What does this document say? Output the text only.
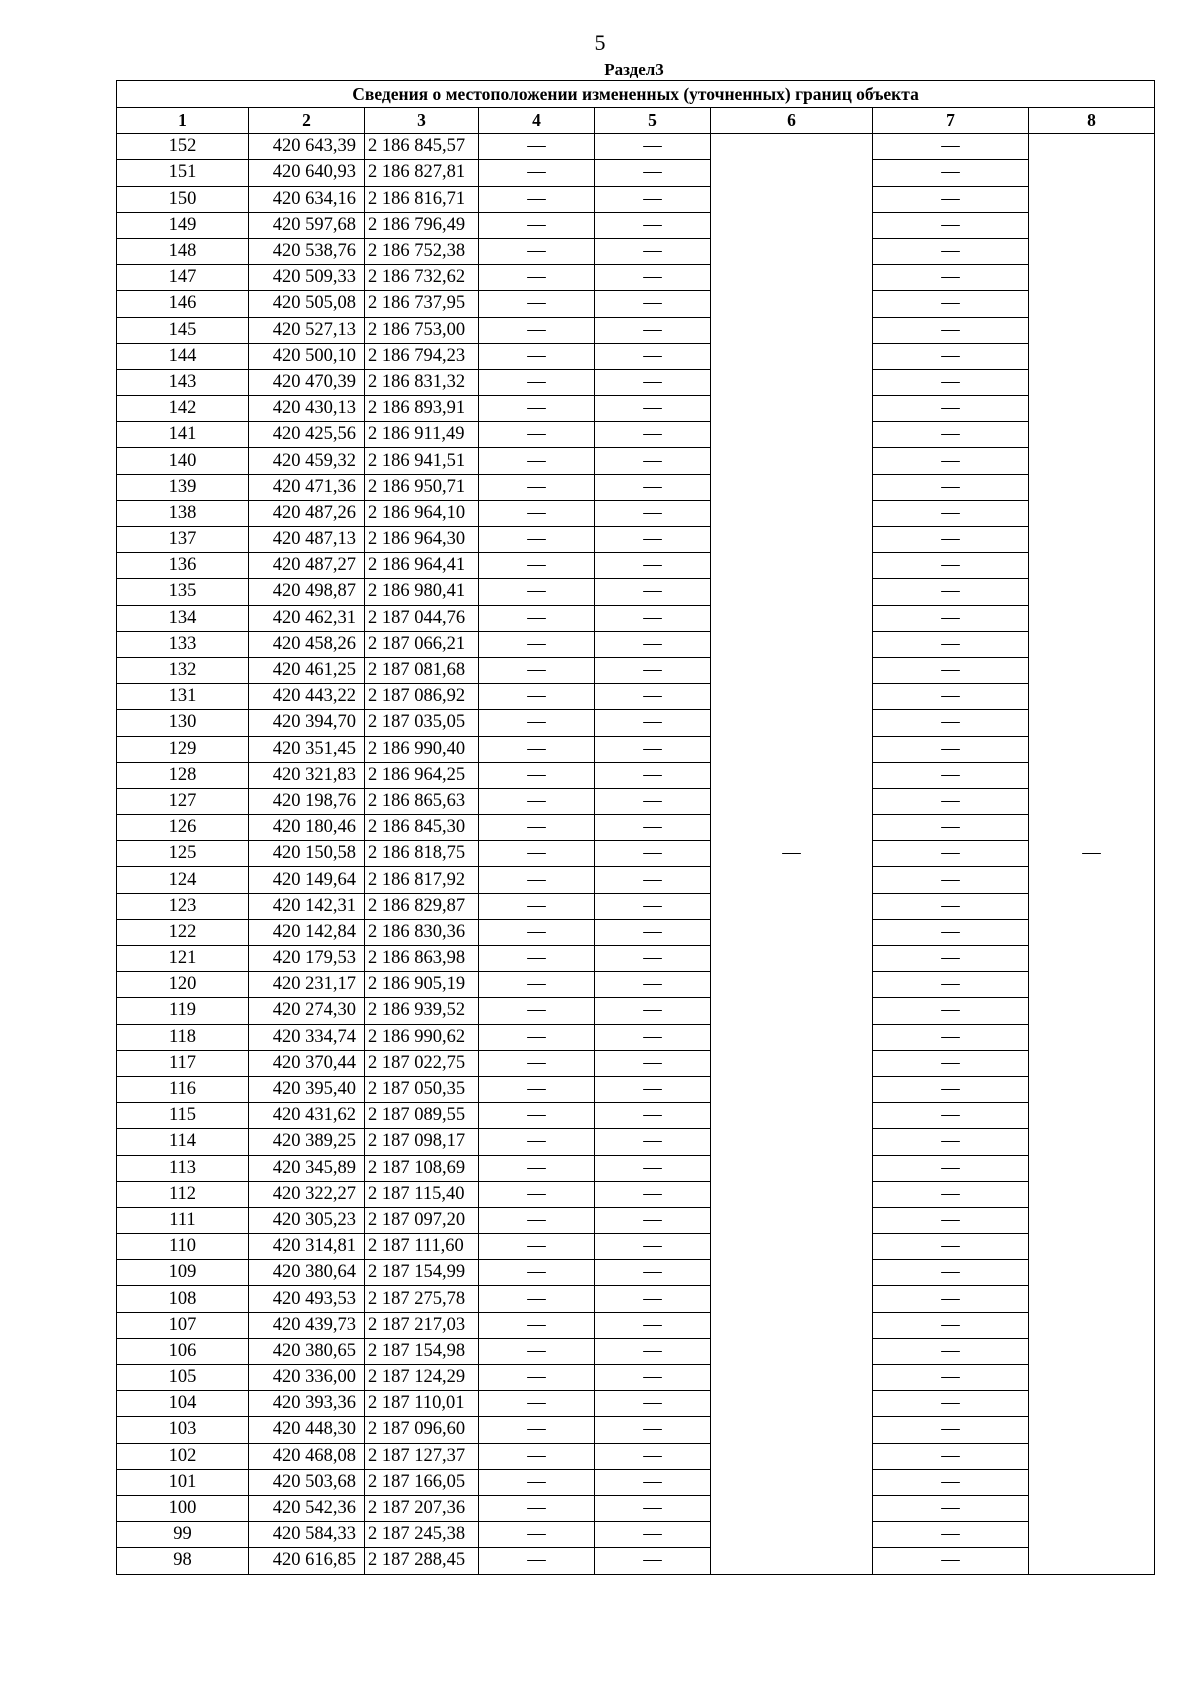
5
Раздел3
Сведения о местоположении измененных (уточненных) границ объекта							
1	2	3	4	5	6	7	8
152	420 643,39	2 186 845,57	—	—	—	—	—
151	420 640,93	2 186 827,81	—	—		—	
150	420 634,16	2 186 816,71	—	—		—	
149	420 597,68	2 186 796,49	—	—		—	
148	420 538,76	2 186 752,38	—	—		—	
147	420 509,33	2 186 732,62	—	—		—	
146	420 505,08	2 186 737,95	—	—		—	
145	420 527,13	2 186 753,00	—	—		—	
144	420 500,10	2 186 794,23	—	—		—	
143	420 470,39	2 186 831,32	—	—		—	
142	420 430,13	2 186 893,91	—	—		—	
141	420 425,56	2 186 911,49	—	—		—	
140	420 459,32	2 186 941,51	—	—		—	
139	420 471,36	2 186 950,71	—	—		—	
138	420 487,26	2 186 964,10	—	—		—	
137	420 487,13	2 186 964,30	—	—		—	
136	420 487,27	2 186 964,41	—	—		—	
135	420 498,87	2 186 980,41	—	—		—	
134	420 462,31	2 187 044,76	—	—		—	
133	420 458,26	2 187 066,21	—	—		—	
132	420 461,25	2 187 081,68	—	—		—	
131	420 443,22	2 187 086,92	—	—		—	
130	420 394,70	2 187 035,05	—	—		—	
129	420 351,45	2 186 990,40	—	—		—	
128	420 321,83	2 186 964,25	—	—		—	
127	420 198,76	2 186 865,63	—	—		—	
126	420 180,46	2 186 845,30	—	—		—	
125	420 150,58	2 186 818,75	—	—		—	
124	420 149,64	2 186 817,92	—	—		—	
123	420 142,31	2 186 829,87	—	—		—	
122	420 142,84	2 186 830,36	—	—		—	
121	420 179,53	2 186 863,98	—	—		—	
120	420 231,17	2 186 905,19	—	—		—	
119	420 274,30	2 186 939,52	—	—		—	
118	420 334,74	2 186 990,62	—	—		—	
117	420 370,44	2 187 022,75	—	—		—	
116	420 395,40	2 187 050,35	—	—		—	
115	420 431,62	2 187 089,55	—	—		—	
114	420 389,25	2 187 098,17	—	—		—	
113	420 345,89	2 187 108,69	—	—		—	
112	420 322,27	2 187 115,40	—	—		—	
111	420 305,23	2 187 097,20	—	—		—	
110	420 314,81	2 187 111,60	—	—		—	
109	420 380,64	2 187 154,99	—	—		—	
108	420 493,53	2 187 275,78	—	—		—	
107	420 439,73	2 187 217,03	—	—		—	
106	420 380,65	2 187 154,98	—	—		—	
105	420 336,00	2 187 124,29	—	—		—	
104	420 393,36	2 187 110,01	—	—		—	
103	420 448,30	2 187 096,60	—	—		—	
102	420 468,08	2 187 127,37	—	—		—	
101	420 503,68	2 187 166,05	—	—		—	
100	420 542,36	2 187 207,36	—	—		—	
99	420 584,33	2 187 245,38	—	—		—	
98	420 616,85	2 187 288,45	—	—		—	
